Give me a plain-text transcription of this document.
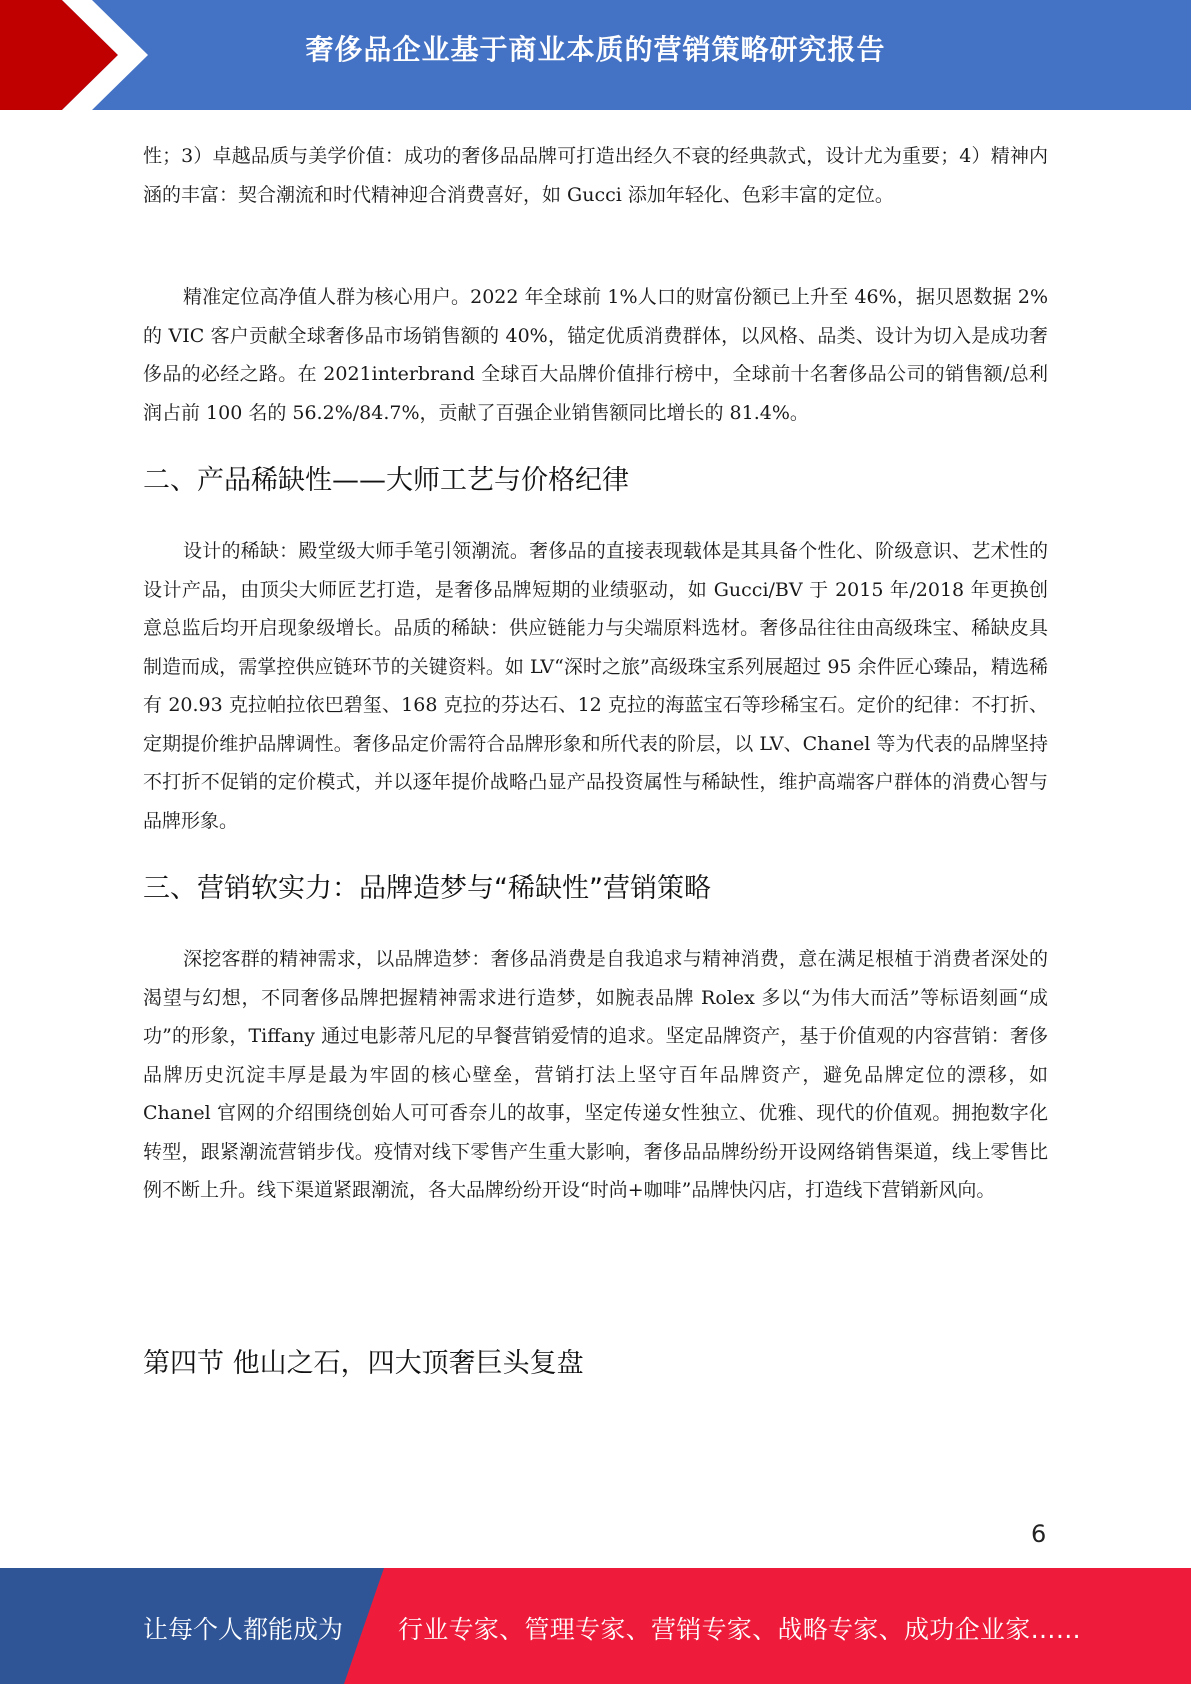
奢侈品企业基于商业本质的营销策略研究报告

性；3）卓越品质与美学价值：成功的奢侈品品牌可打造出经久不衰的经典款式，设计尤为重要；4）精神内涵的丰富：契合潮流和时代精神迎合消费喜好，如 Gucci 添加年轻化、色彩丰富的定位。

精准定位高净值人群为核心用户。2022 年全球前 1%人口的财富份额已上升至 46%，据贝恩数据 2%的 VIC 客户贡献全球奢侈品市场销售额的 40%，锚定优质消费群体，以风格、品类、设计为切入是成功奢侈品的必经之路。在 2021interbrand 全球百大品牌价值排行榜中，全球前十名奢侈品公司的销售额/总利润占前 100 名的 56.2%/84.7%，贡献了百强企业销售额同比增长的 81.4%。

二、产品稀缺性——大师工艺与价格纪律

设计的稀缺：殿堂级大师手笔引领潮流。奢侈品的直接表现载体是其具备个性化、阶级意识、艺术性的设计产品，由顶尖大师匠艺打造，是奢侈品牌短期的业绩驱动，如 Gucci/BV 于 2015 年/2018 年更换创意总监后均开启现象级增长。品质的稀缺：供应链能力与尖端原料选材。奢侈品往往由高级珠宝、稀缺皮具制造而成，需掌控供应链环节的关键资料。如 LV“深时之旅”高级珠宝系列展超过 95 余件匠心臻品，精选稀有 20.93 克拉帕拉依巴碧玺、168 克拉的芬达石、12 克拉的海蓝宝石等珍稀宝石。定价的纪律：不打折、定期提价维护品牌调性。奢侈品定价需符合品牌形象和所代表的阶层，以 LV、Chanel 等为代表的品牌坚持不打折不促销的定价模式，并以逐年提价战略凸显产品投资属性与稀缺性，维护高端客户群体的消费心智与品牌形象。

三、营销软实力：品牌造梦与“稀缺性”营销策略

深挖客群的精神需求，以品牌造梦：奢侈品消费是自我追求与精神消费，意在满足根植于消费者深处的渴望与幻想，不同奢侈品牌把握精神需求进行造梦，如腕表品牌 Rolex 多以“为伟大而活”等标语刻画“成功”的形象，Tiffany 通过电影蒂凡尼的早餐营销爱情的追求。坚定品牌资产，基于价值观的内容营销：奢侈品牌历史沉淀丰厚是最为牢固的核心壁垒，营销打法上坚守百年品牌资产，避免品牌定位的漂移，如 Chanel 官网的介绍围绕创始人可可香奈儿的故事，坚定传递女性独立、优雅、现代的价值观。拥抱数字化转型，跟紧潮流营销步伐。疫情对线下零售产生重大影响，奢侈品品牌纷纷开设网络销售渠道，线上零售比例不断上升。线下渠道紧跟潮流，各大品牌纷纷开设“时尚+咖啡”品牌快闪店，打造线下营销新风向。

第四节 他山之石，四大顶奢巨头复盘
6
让每个人都能成为 行业专家、管理专家、营销专家、战略专家、成功企业家……
